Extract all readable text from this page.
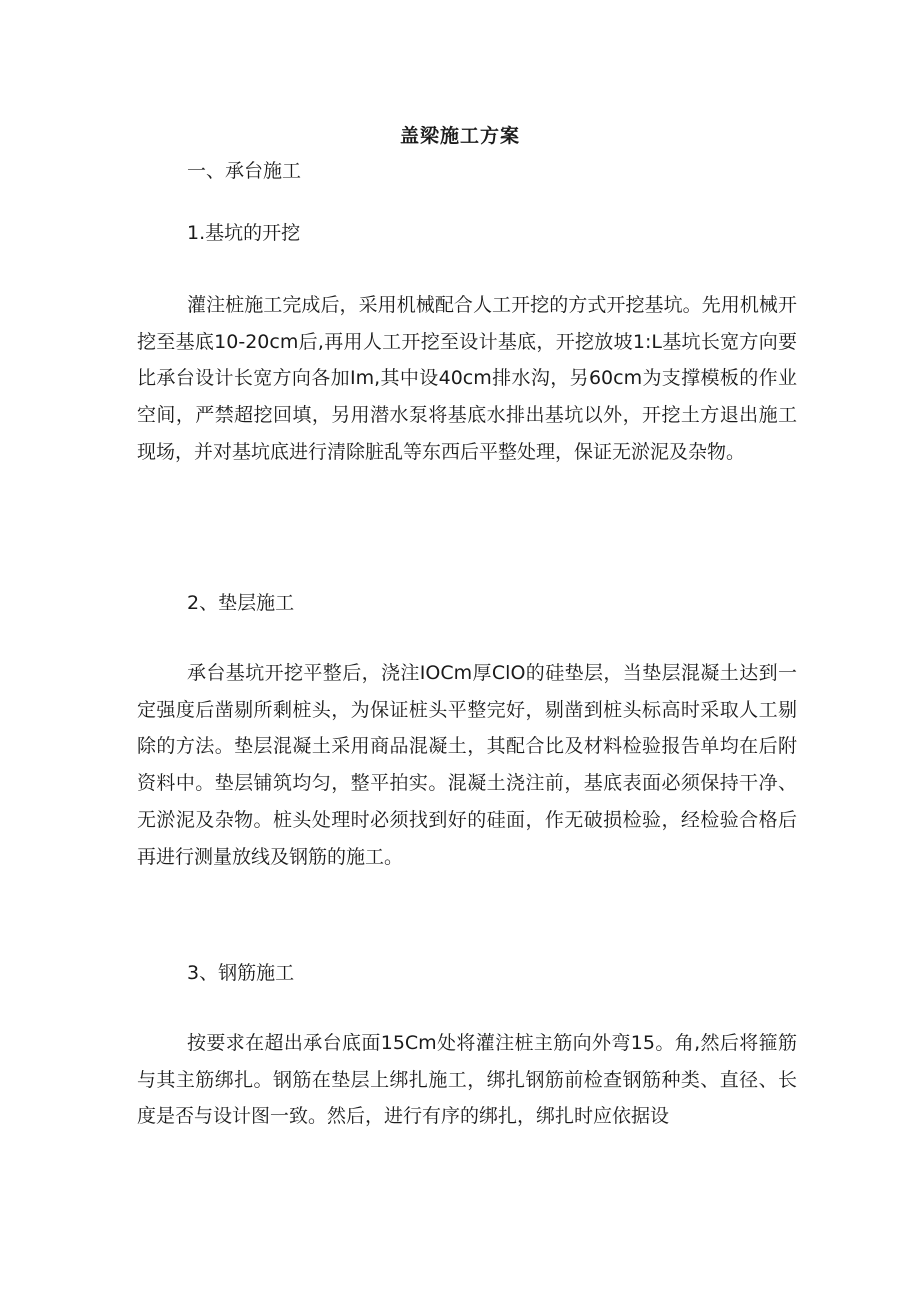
盖梁施工方案
一、承台施工
1.基坑的开挖

灌注桩施工完成后，采用机械配合人工开挖的方式开挖基坑。先用机械开挖至基底10-20cm后,再用人工开挖至设计基底，开挖放坡1:L基坑长宽方向要比承台设计长宽方向各加Im,其中设40cm排水沟，另60cm为支撑模板的作业空间，严禁超挖回填，另用潜水泵将基底水排出基坑以外，开挖土方退出施工现场，并对基坑底进行清除脏乱等东西后平整处理，保证无淤泥及杂物。

2、垫层施工

承台基坑开挖平整后，浇注IOCm厚ClO的硅垫层，当垫层混凝土达到一定强度后凿剔所剩桩头，为保证桩头平整完好，剔凿到桩头标高时采取人工剔除的方法。垫层混凝土采用商品混凝土，其配合比及材料检验报告单均在后附资料中。垫层铺筑均匀，整平拍实。混凝土浇注前，基底表面必须保持干净、无淤泥及杂物。桩头处理时必须找到好的硅面，作无破损检验，经检验合格后再进行测量放线及钢筋的施工。

3、钢筋施工

按要求在超出承台底面15Cm处将灌注桩主筋向外弯15。角,然后将箍筋与其主筋绑扎。钢筋在垫层上绑扎施工，绑扎钢筋前检查钢筋种类、直径、长度是否与设计图一致。然后，进行有序的绑扎，绑扎时应依据设
